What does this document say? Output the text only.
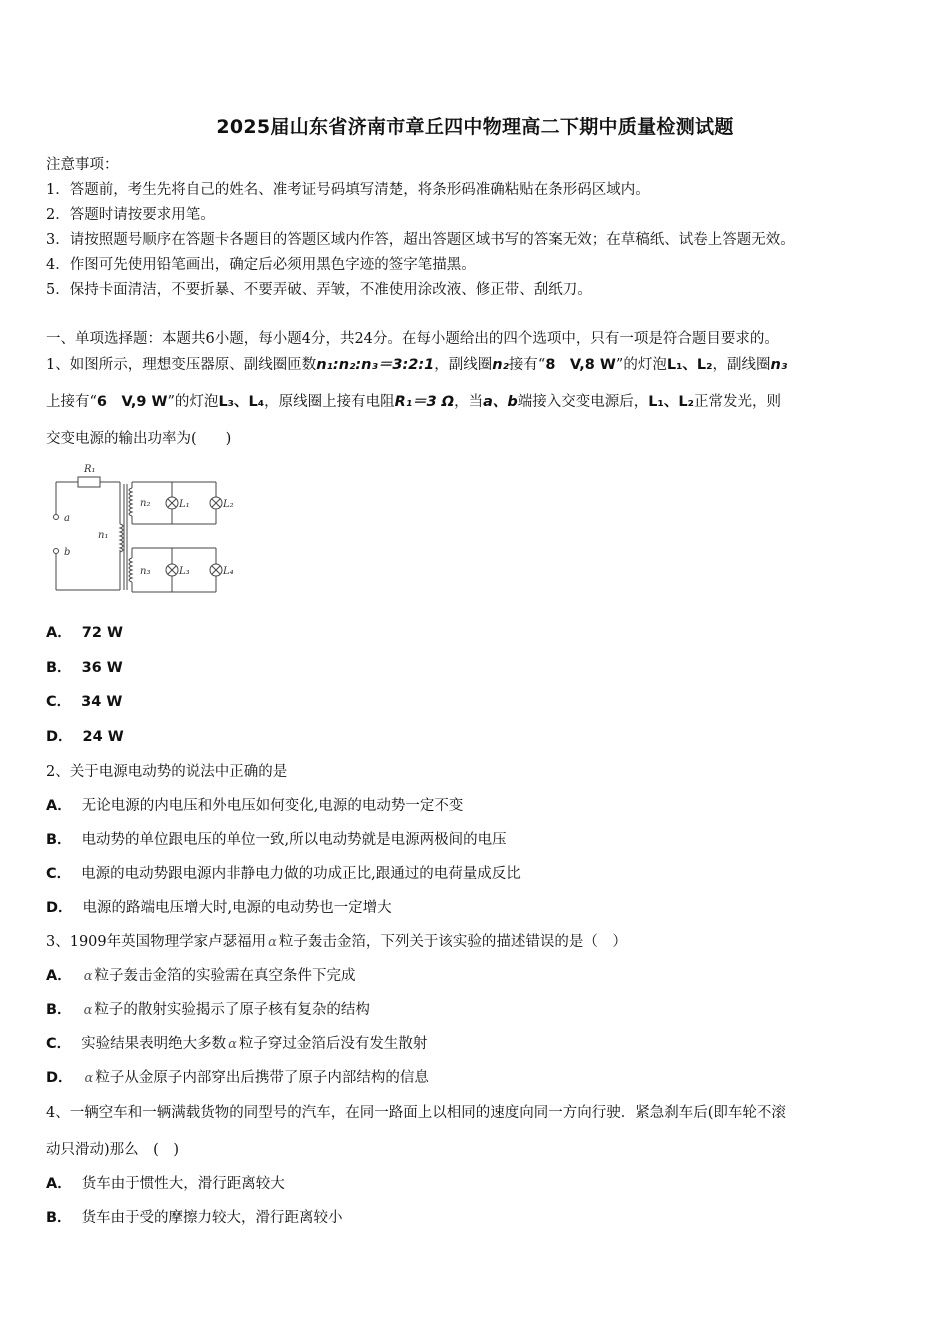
2025届山东省济南市章丘四中物理高二下期中质量检测试题
注意事项：
1．答题前，考生先将自己的姓名、准考证号码填写清楚，将条形码准确粘贴在条形码区域内。
2．答题时请按要求用笔。
3．请按照题号顺序在答题卡各题目的答题区域内作答，超出答题区域书写的答案无效；在草稿纸、试卷上答题无效。
4．作图可先使用铅笔画出，确定后必须用黑色字迹的签字笔描黑。
5．保持卡面清洁，不要折暴、不要弄破、弄皱，不准使用涂改液、修正带、刮纸刀。
一、单项选择题：本题共6小题，每小题4分，共24分。在每小题给出的四个选项中，只有一项是符合题目要求的。
1、如图所示，理想变压器原、副线圈匝数n₁:n₂:n₃＝3:2:1，副线圈n₂接有“8　V,8 W”的灯泡L₁、L₂，副线圈n₃
上接有“6　V,9 W”的灯泡L₃、L₄，原线圈上接有电阻R₁＝3 Ω，当a、b端接入交变电源后，L₁、L₂正常发光，则
交变电源的输出功率为(　　)
R₁
a
b
n₁
n₂
n₃
L₁	L₂
L₃	L₄
A． 72 W
B． 36 W
C． 34 W
D． 24 W
2、关于电源电动势的说法中正确的是
A． 无论电源的内电压和外电压如何变化,电源的电动势一定不变
B． 电动势的单位跟电压的单位一致,所以电动势就是电源两极间的电压
C． 电源的电动势跟电源内非静电力做的功成正比,跟通过的电荷量成反比
D． 电源的路端电压增大时,电源的电动势也一定增大
3、1909年英国物理学家卢瑟福用 α 粒子轰击金箔，下列关于该实验的描述错误的是（　）
A． α 粒子轰击金箔的实验需在真空条件下完成
B． α 粒子的散射实验揭示了原子核有复杂的结构
C． 实验结果表明绝大多数 α 粒子穿过金箔后没有发生散射
D． α 粒子从金原子内部穿出后携带了原子内部结构的信息
4、一辆空车和一辆满载货物的同型号的汽车，在同一路面上以相同的速度向同一方向行驶．紧急刹车后(即车轮不滚
动只滑动)那么　(　)
A． 货车由于惯性大，滑行距离较大
B． 货车由于受的摩擦力较大，滑行距离较小
